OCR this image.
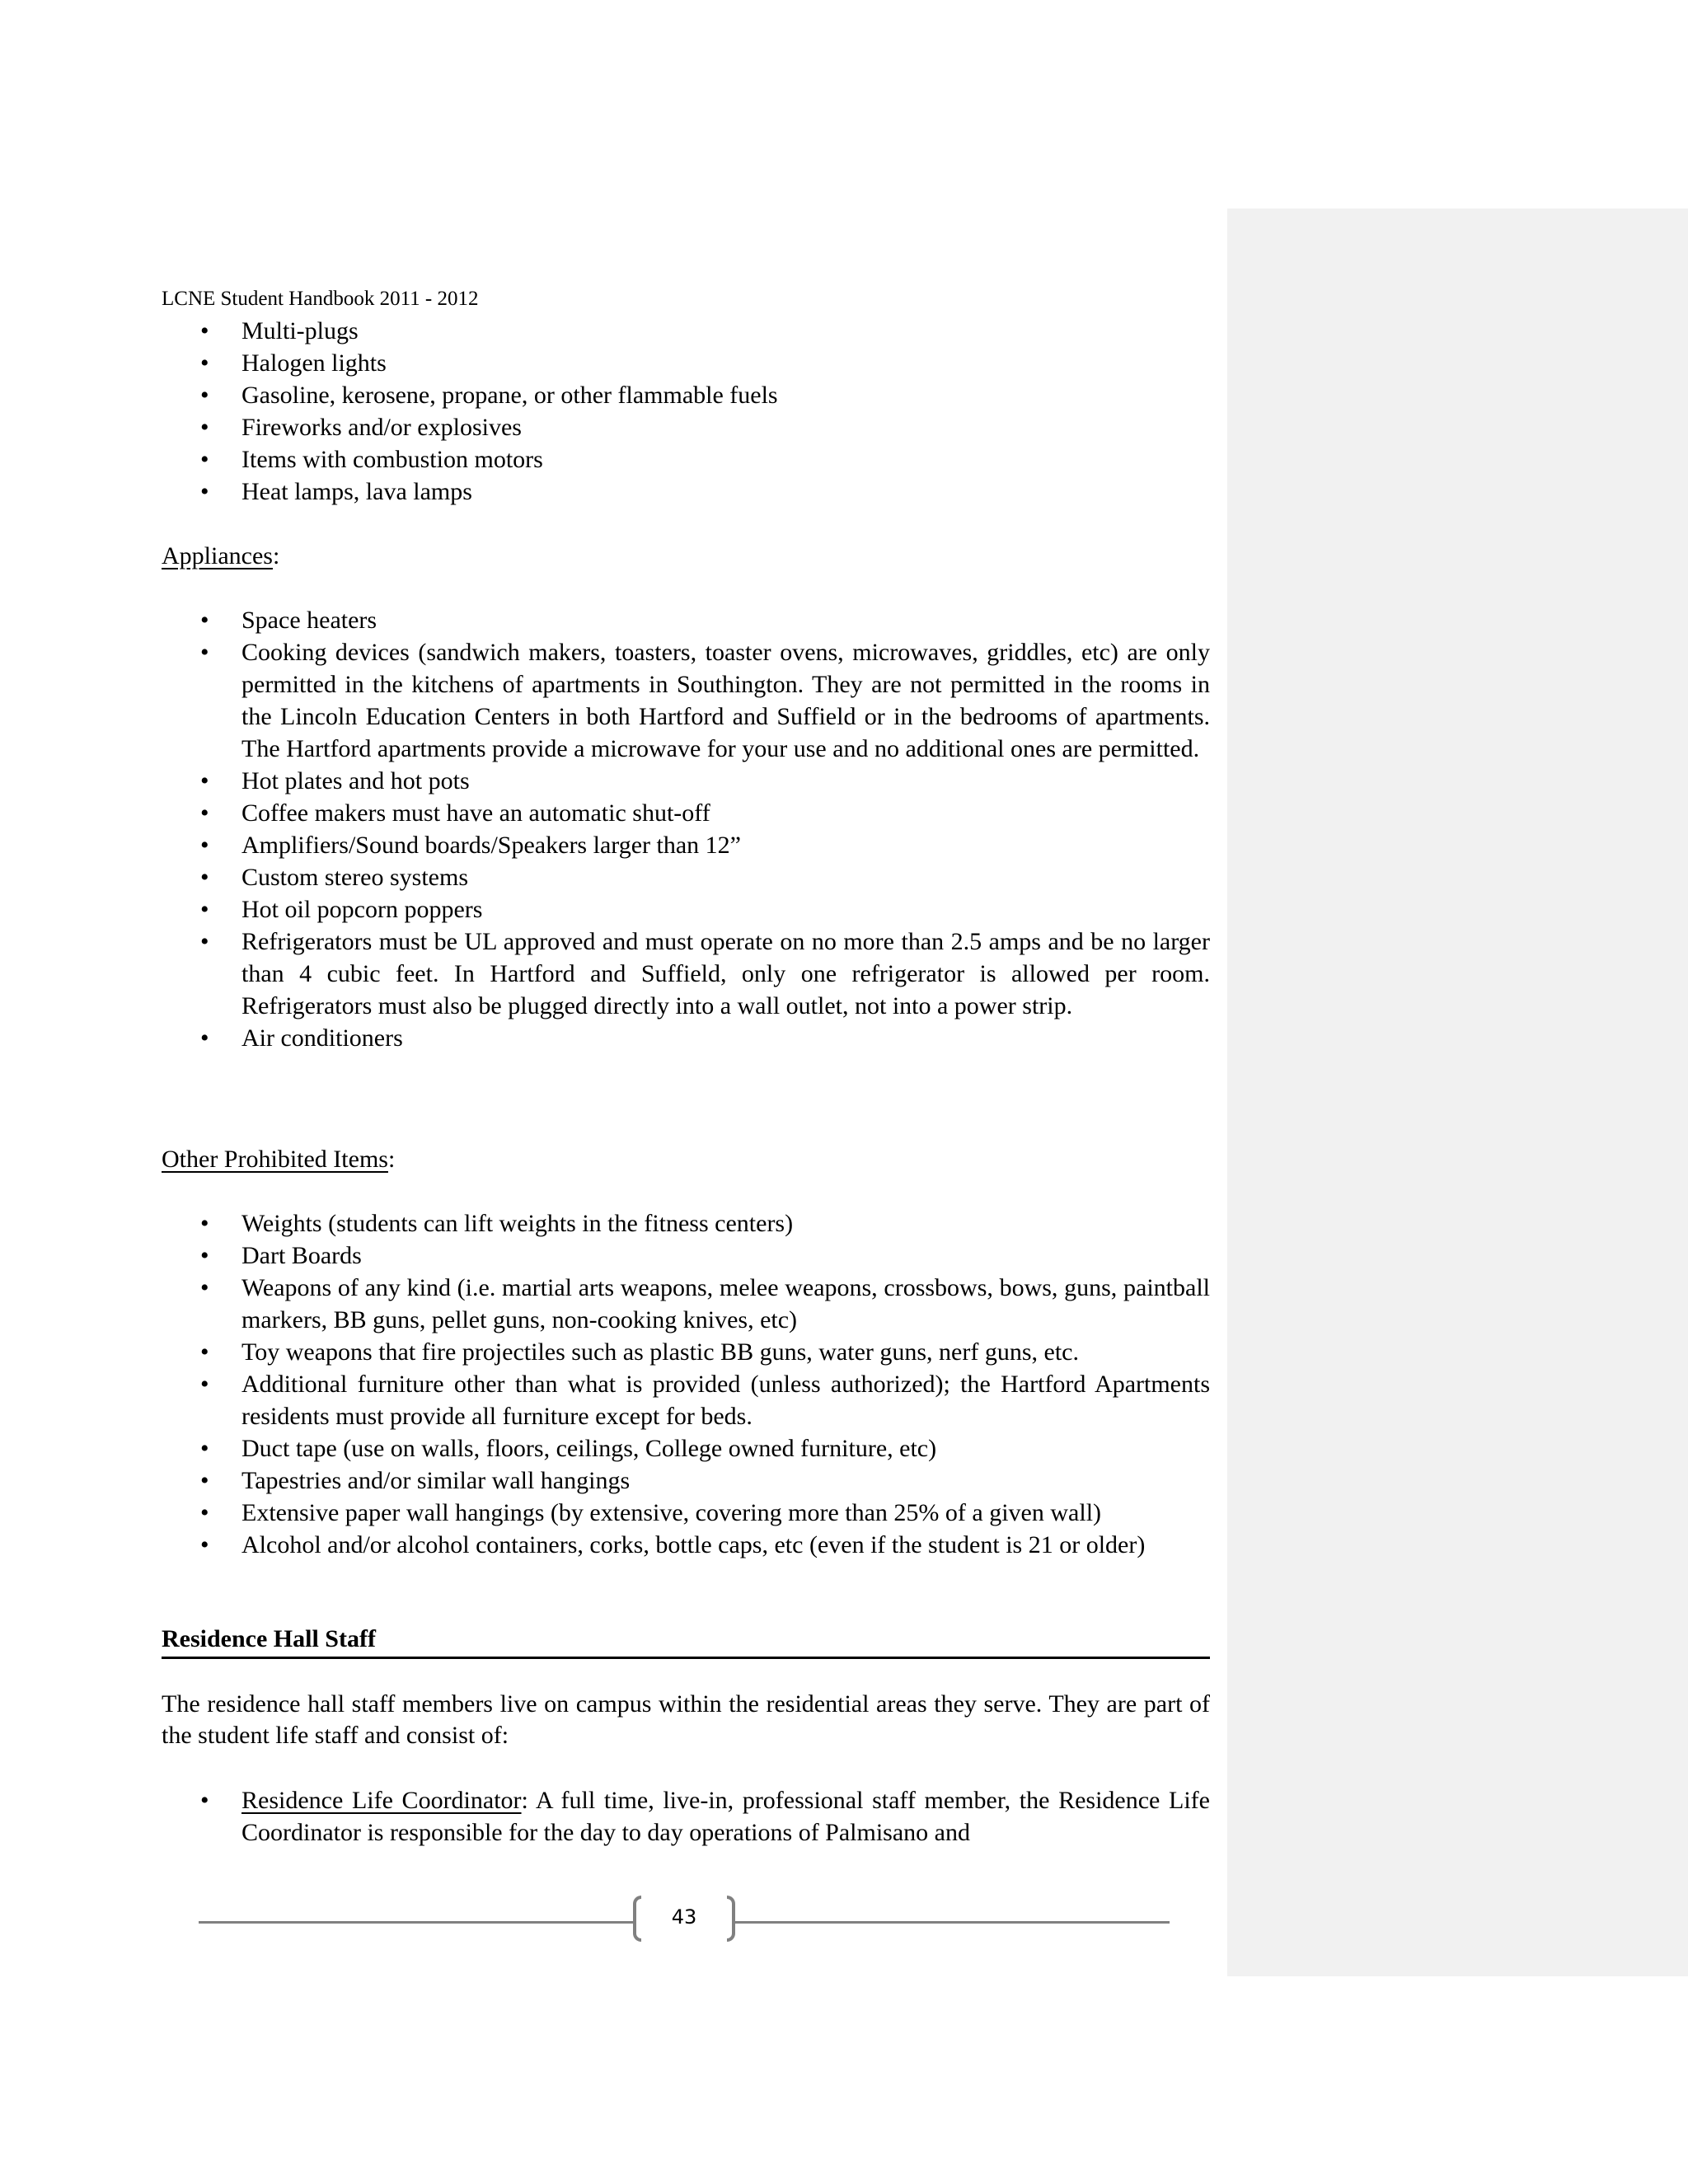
LCNE Student Handbook 2011 - 2012
• Multi-plugs
• Halogen lights
• Gasoline, kerosene, propane, or other flammable fuels
• Fireworks and/or explosives
• Items with combustion motors
• Heat lamps, lava lamps
Appliances:
• Space heaters
• Cooking devices (sandwich makers, toasters, toaster ovens, microwaves, griddles, etc) are only permitted in the kitchens of apartments in Southington. They are not permitted in the rooms in the Lincoln Education Centers in both Hartford and Suffield or in the bedrooms of apartments. The Hartford apartments provide a microwave for your use and no additional ones are permitted.
• Hot plates and hot pots
• Coffee makers must have an automatic shut-off
• Amplifiers/Sound boards/Speakers larger than 12”
• Custom stereo systems
• Hot oil popcorn poppers
• Refrigerators must be UL approved and must operate on no more than 2.5 amps and be no larger than 4 cubic feet. In Hartford and Suffield, only one refrigerator is allowed per room. Refrigerators must also be plugged directly into a wall outlet, not into a power strip.
• Air conditioners
Other Prohibited Items:
• Weights (students can lift weights in the fitness centers)
• Dart Boards
• Weapons of any kind (i.e. martial arts weapons, melee weapons, crossbows, bows, guns, paintball markers, BB guns, pellet guns, non-cooking knives, etc)
• Toy weapons that fire projectiles such as plastic BB guns, water guns, nerf guns, etc.
• Additional furniture other than what is provided (unless authorized); the Hartford Apartments residents must provide all furniture except for beds.
• Duct tape (use on walls, floors, ceilings, College owned furniture, etc)
• Tapestries and/or similar wall hangings
• Extensive paper wall hangings (by extensive, covering more than 25% of a given wall)
• Alcohol and/or alcohol containers, corks, bottle caps, etc (even if the student is 21 or older)
Residence Hall Staff
The residence hall staff members live on campus within the residential areas they serve. They are part of the student life staff and consist of:
• Residence Life Coordinator: A full time, live-in, professional staff member, the Residence Life Coordinator is responsible for the day to day operations of Palmisano and
43
